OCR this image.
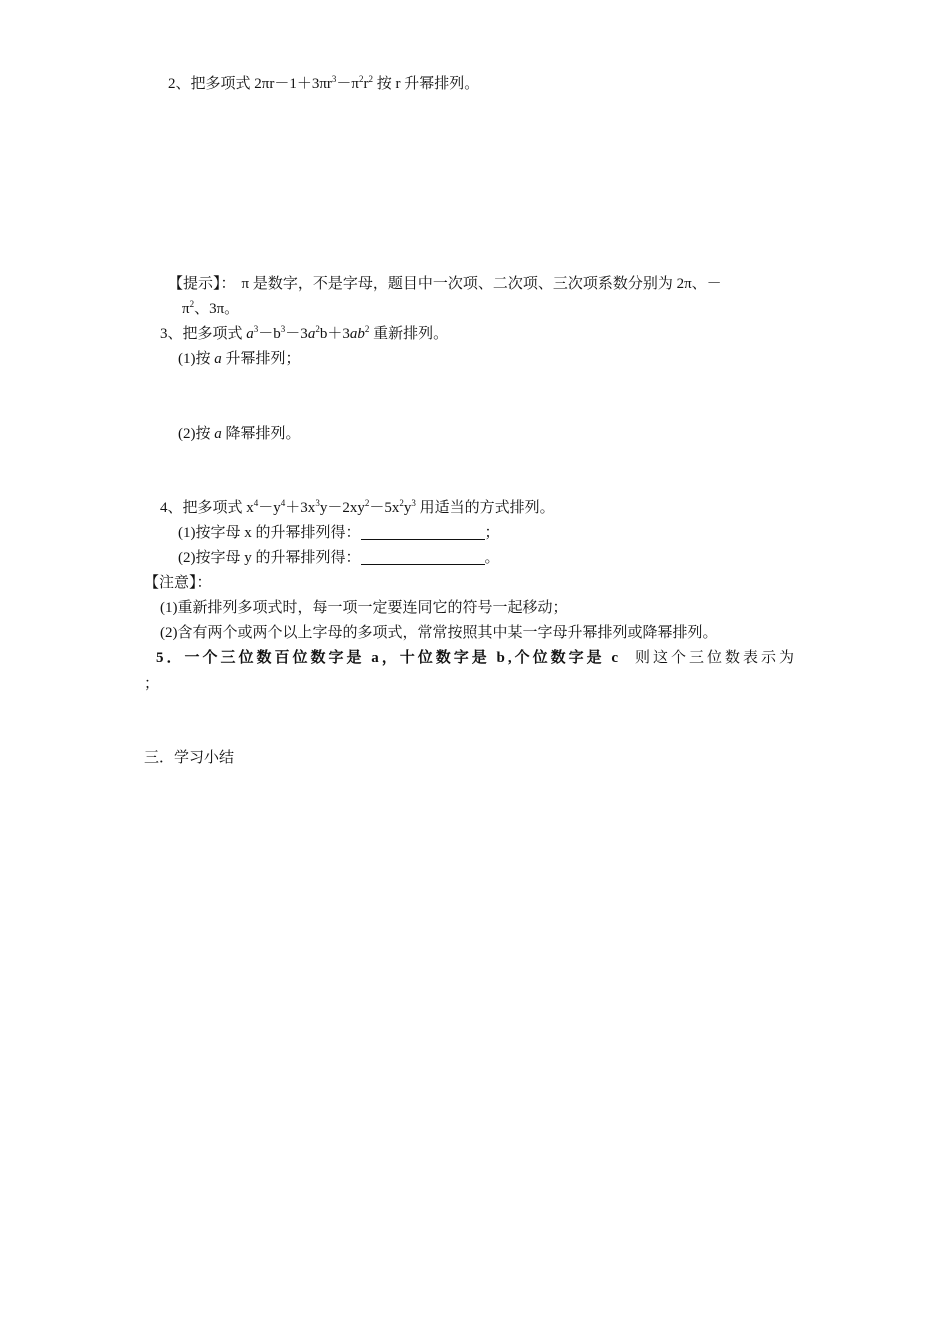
2、把多项式 $2\pi r-1+3\pi r^3-\pi^2r^2$ 按 r 升幂排列。
【提示】： π 是数字，不是字母，题目中一次项、二次项、三次项系数分别为 2π、－
$\pi^2$、3π。
3、把多项式 $a^3-b^3-3a^2b+3ab^2$ 重新排列。
(1)按 a 升幂排列；
(2)按 a 降幂排列。
4、把多项式 $x^4-y^4+3x^3y-2xy^2-5x^2y^3$ 用适当的方式排列。
(1)按字母 x 的升幂排列得：	；
(2)按字母 y 的升幂排列得：	。
【注意】：
(1)重新排列多项式时，每一项一定要连同它的符号一起移动；
(2)含有两个或两个以上字母的多项式，常常按照其中某一字母升幂排列或降幂排列。
5．一个三位数百位数字是 a，十位数字是 b,个位数字是 c 则这个三位数表示为
；
三．学习小结
